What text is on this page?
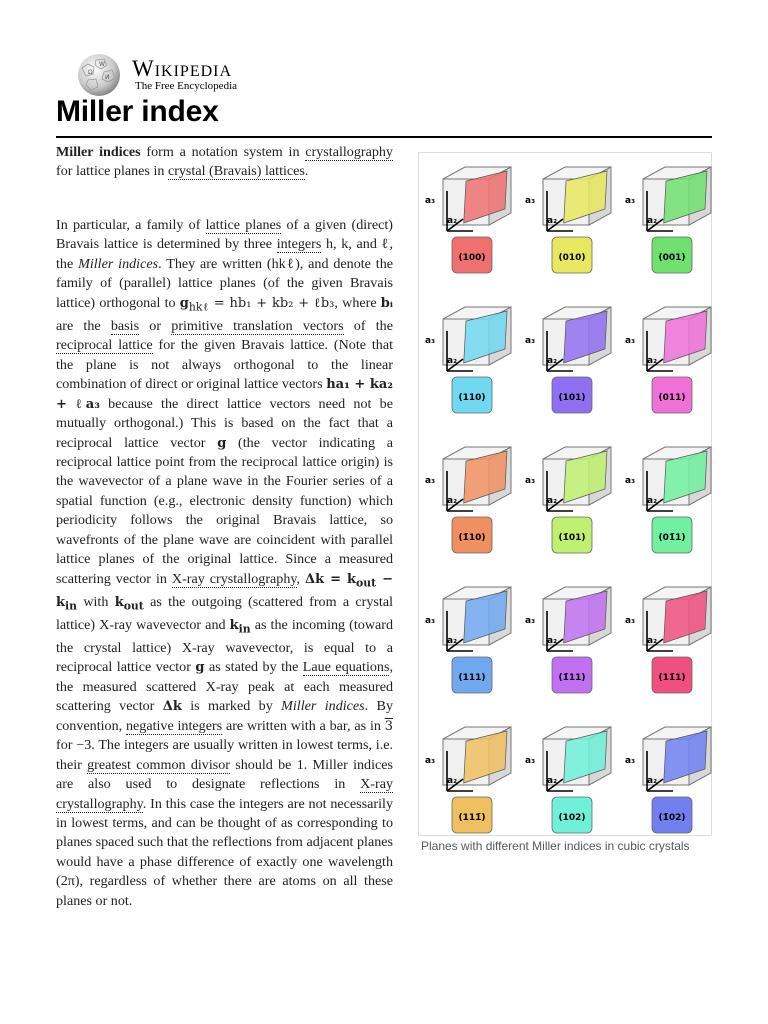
Ω
W
И Wikipedia
The Free Encyclopedia
Miller index
Miller indices form a notation system in crystallography for lattice planes in crystal (Bravais) lattices.
In particular, a family of lattice planes of a given (direct) Bravais lattice is determined by three integers h, k, and ℓ, the Miller indices. They are written (hkℓ), and denote the family of (parallel) lattice planes (of the given Bravais lattice) orthogonal to $g_{hk\ell} = hb_1 + kb_2$ + ℓb₃, where bᵢ are the basis or primitive translation vectors of the reciprocal lattice for the given Bravais lattice. (Note that the plane is not always orthogonal to the linear combination of direct or original lattice vectors ha₁ + ka₂ + ℓa₃ because the direct lattice vectors need not be mutually orthogonal.) This is based on the fact that a reciprocal lattice vector g (the vector indicating a reciprocal lattice point from the reciprocal lattice origin) is the wavevector of a plane wave in the Fourier series of a spatial function (e.g., electronic density function) which periodicity follows the original Bravais lattice, so wavefronts of the plane wave are coincident with parallel lattice planes of the original lattice. Since a measured scattering vector in X-ray crystallography, $\Delta k = k_{out} - k_{in}$ with $k_{out}$ as the outgoing (scattered from a crystal lattice) X-ray wavevector and $k_{in}$ as the incoming (toward the crystal lattice) X-ray wavevector, is equal to a reciprocal lattice vector g as stated by the Laue equations, the measured scattered X-ray peak at each measured scattering vector Δk is marked by Miller indices. By convention, negative integers are written with a bar, as in 3 for −3. The integers are usually written in lowest terms, i.e. their greatest common divisor should be 1. Miller indices are also used to designate reflections in X-ray crystallography. In this case the integers are not necessarily in lowest terms, and can be thought of as corresponding to planes spaced such that the reflections from adjacent planes would have a phase difference of exactly one wavelength (2π), regardless of whether there are atoms on all these planes or not.
a₃
a₂
(100)
a₃
a₂
(010)
a₃
a₂
(001)
a₃
a₂
(110)
a₃
a₂
(101)
a₃
a₂
(011)
a₃
a₂
(1̄10)
a₃
a₂
(1̄01)
a₃
a₂
(01̄1)
a₃
a₂
(111)
a₃
a₂
(1̄11)
a₃
a₂
(11̄1)
a₃
a₂
(111̄)
a₃
a₂
(102)
a₃
a₂
(1̄02)
Planes with different Miller indices in cubic crystals
